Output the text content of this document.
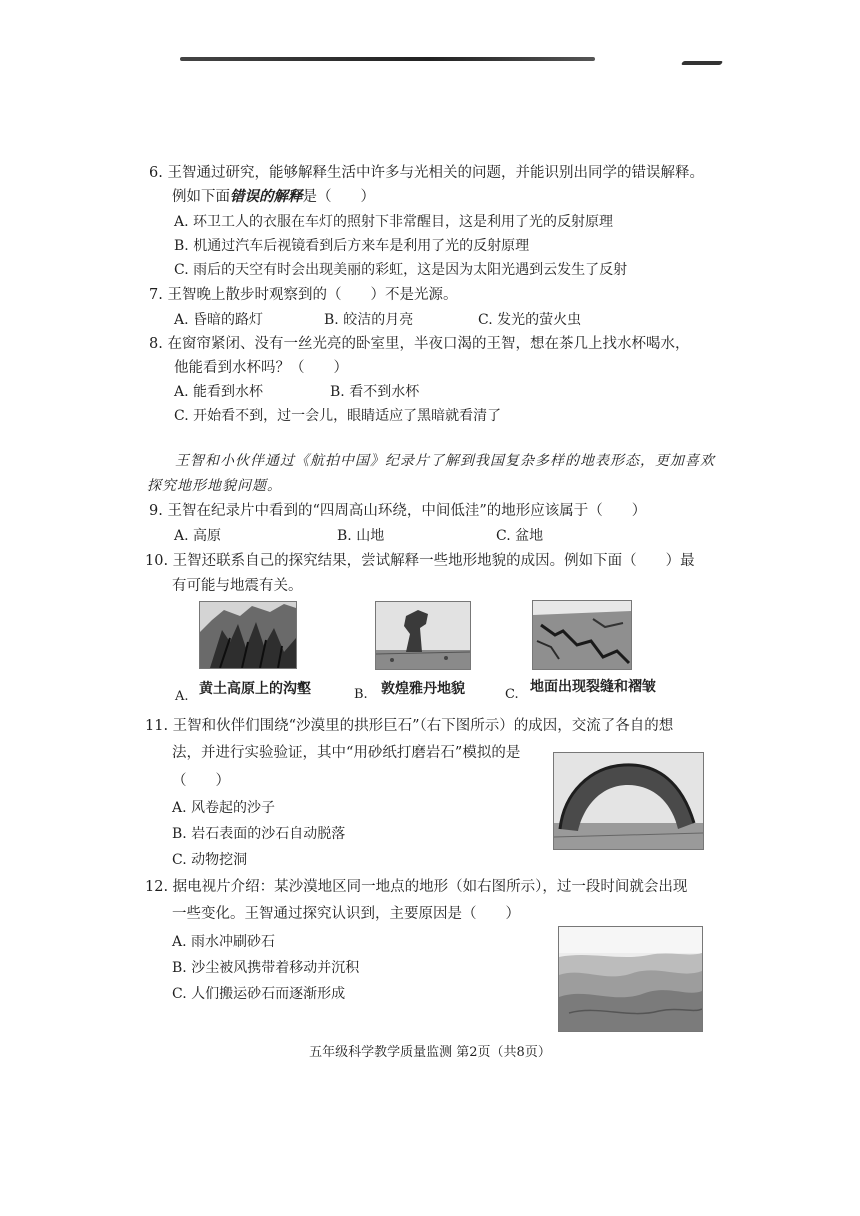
6. 王智通过研究，能够解释生活中许多与光相关的问题，并能识别出同学的错误解释。
例如下面错误的解释是（　　）
A. 环卫工人的衣服在车灯的照射下非常醒目，这是利用了光的反射原理
B. 机通过汽车后视镜看到后方来车是利用了光的反射原理
C. 雨后的天空有时会出现美丽的彩虹，这是因为太阳光遇到云发生了反射
7. 王智晚上散步时观察到的（　　）不是光源。
A. 昏暗的路灯	B. 皎洁的月亮	C. 发光的萤火虫
8. 在窗帘紧闭、没有一丝光亮的卧室里，半夜口渴的王智，想在茶几上找水杯喝水，
他能看到水杯吗？（　　）
A. 能看到水杯	B. 看不到水杯
C. 开始看不到，过一会儿，眼睛适应了黑暗就看清了
王智和小伙伴通过《航拍中国》纪录片了解到我国复杂多样的地表形态，更加喜欢
探究地形地貌问题。
9. 王智在纪录片中看到的“四周高山环绕，中间低洼”的地形应该属于（　　）
A. 高原	B. 山地	C. 盆地
10. 王智还联系自己的探究结果，尝试解释一些地形地貌的成因。例如下面（　　）最
有可能与地震有关。
A. 黄土高原上的沟壑	B. 敦煌雅丹地貌	C. 地面出现裂缝和褶皱
11. 王智和伙伴们围绕“沙漠里的拱形巨石”（右下图所示）的成因，交流了各自的想
法，并进行实验验证，其中“用砂纸打磨岩石”模拟的是
（　　）
A. 风卷起的沙子
B. 岩石表面的沙石自动脱落
C. 动物挖洞
12. 据电视片介绍：某沙漠地区同一地点的地形（如右图所示），过一段时间就会出现
一些变化。王智通过探究认识到，主要原因是（　　）
A. 雨水冲刷砂石
B. 沙尘被风携带着移动并沉积
C. 人们搬运砂石而逐渐形成
五年级科学教学质量监测 第2页（共8页）
